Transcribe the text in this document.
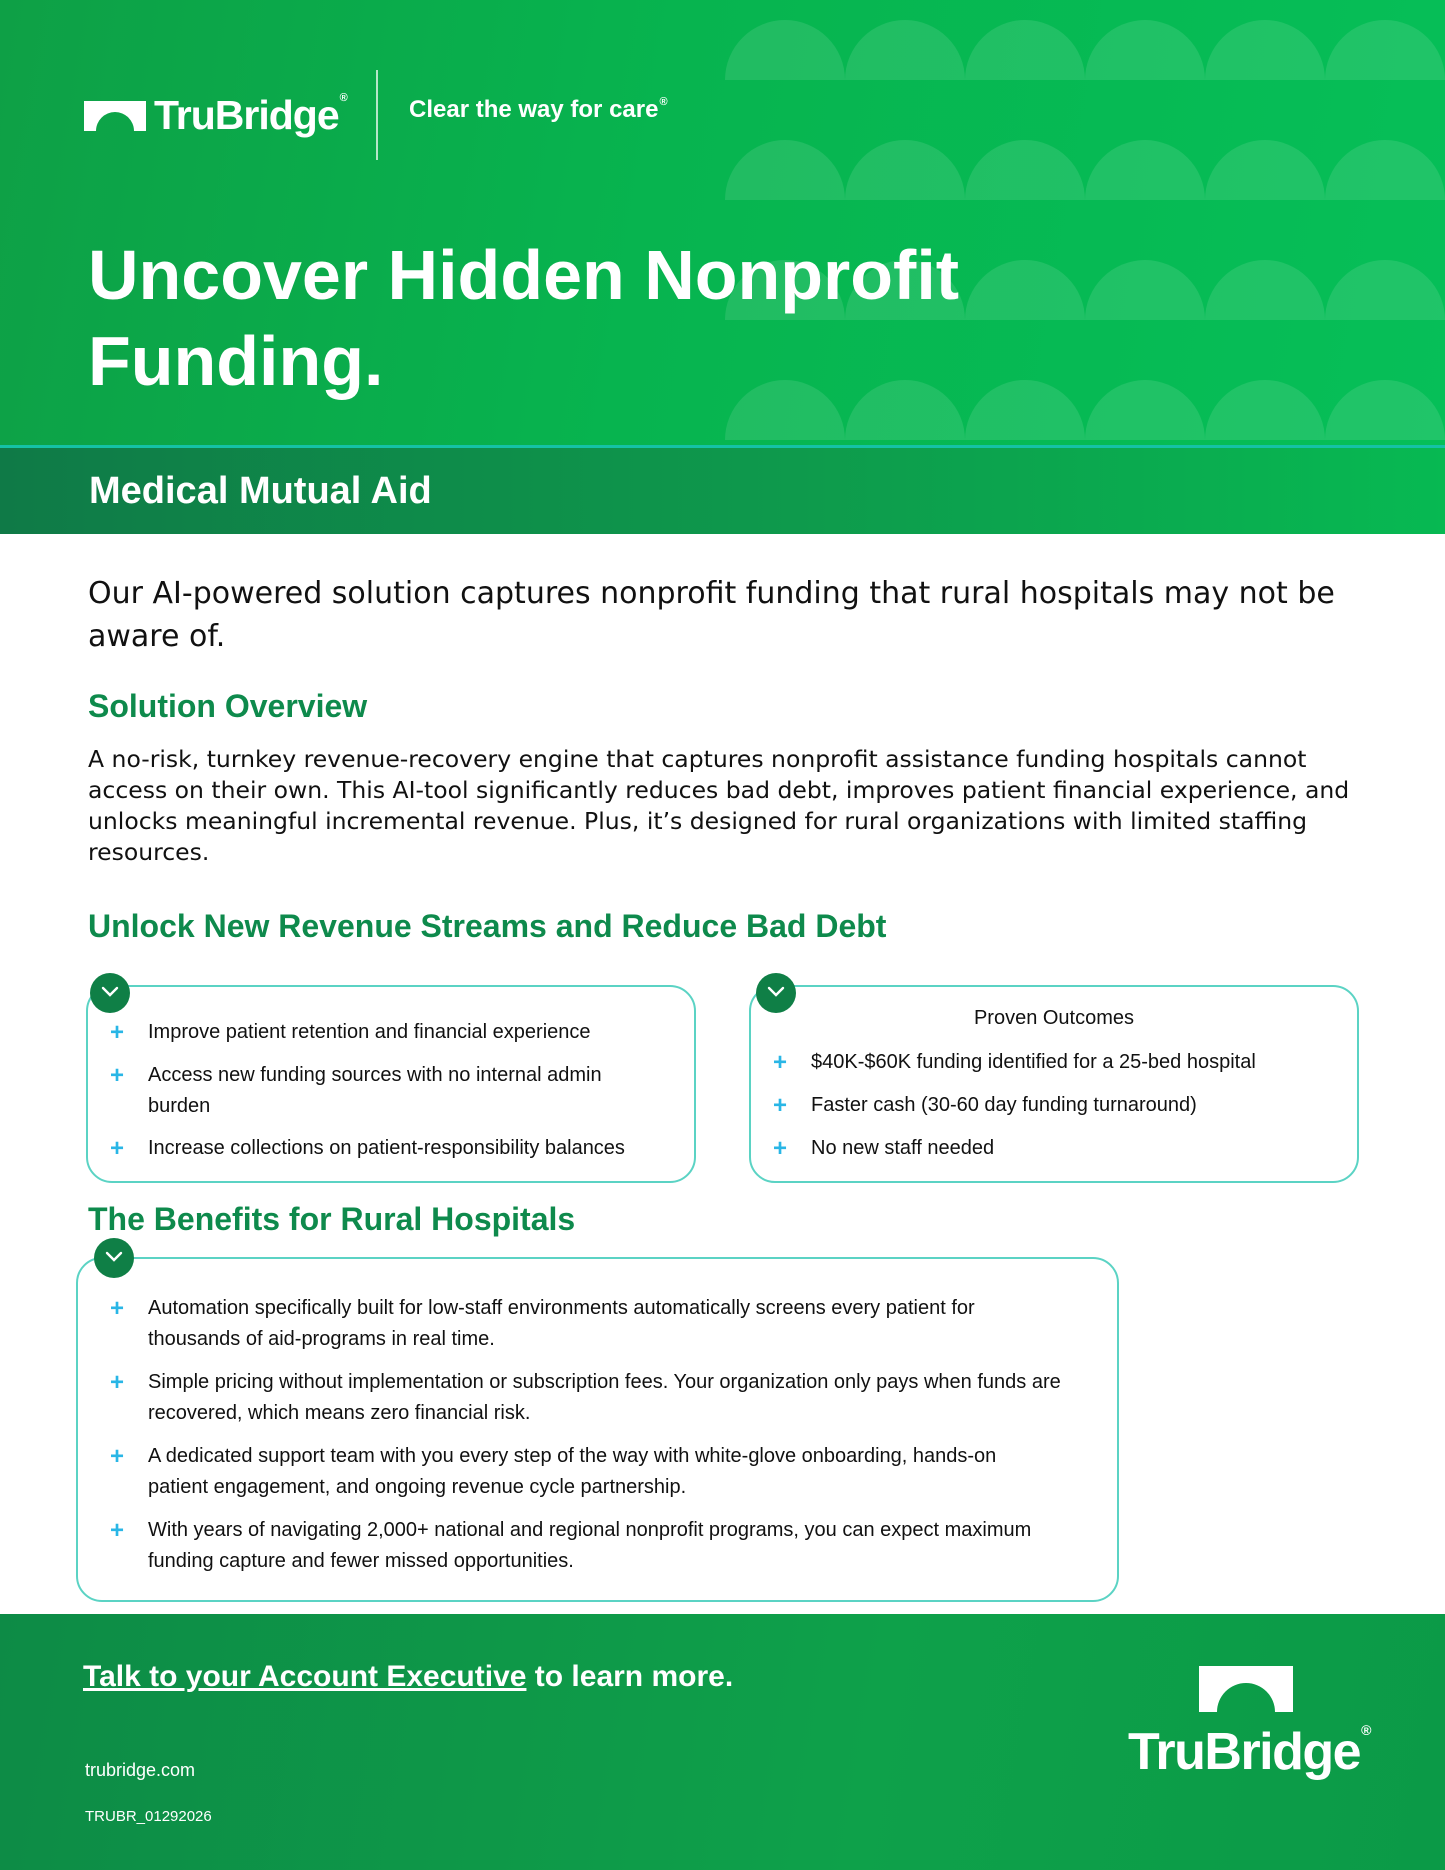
TruBridge®	Clear the way for care®
Uncover Hidden Nonprofit
Funding.
Medical Mutual Aid

Our AI-powered solution captures nonprofit funding that rural hospitals may not be aware of.

Solution Overview

A no-risk, turnkey revenue-recovery engine that captures nonprofit assistance funding hospitals cannot access on their own. This AI-tool significantly reduces bad debt, improves patient financial experience, and unlocks meaningful incremental revenue. Plus, it’s designed for rural organizations with limited staffing resources.

Unlock New Revenue Streams and Reduce Bad Debt
+ Improve patient retention and financial experience
+ Access new funding sources with no internal admin
burden
+ Increase collections on patient-responsibility balances
Proven Outcomes
+ $40K-$60K funding identified for a 25-bed hospital
+ Faster cash (30-60 day funding turnaround)
+ No new staff needed
The Benefits for Rural Hospitals
+ Automation specifically built for low-staff environments automatically screens every patient for
thousands of aid-programs in real time.
+ Simple pricing without implementation or subscription fees. Your organization only pays when funds are
recovered, which means zero financial risk.
+ A dedicated support team with you every step of the way with white-glove onboarding, hands-on
patient engagement, and ongoing revenue cycle partnership.
+ With years of navigating 2,000+ national and regional nonprofit programs, you can expect maximum
funding capture and fewer missed opportunities.
Talk to your Account Executive to learn more.
trubridge.com
TRUBR_01292026
TruBridge®
